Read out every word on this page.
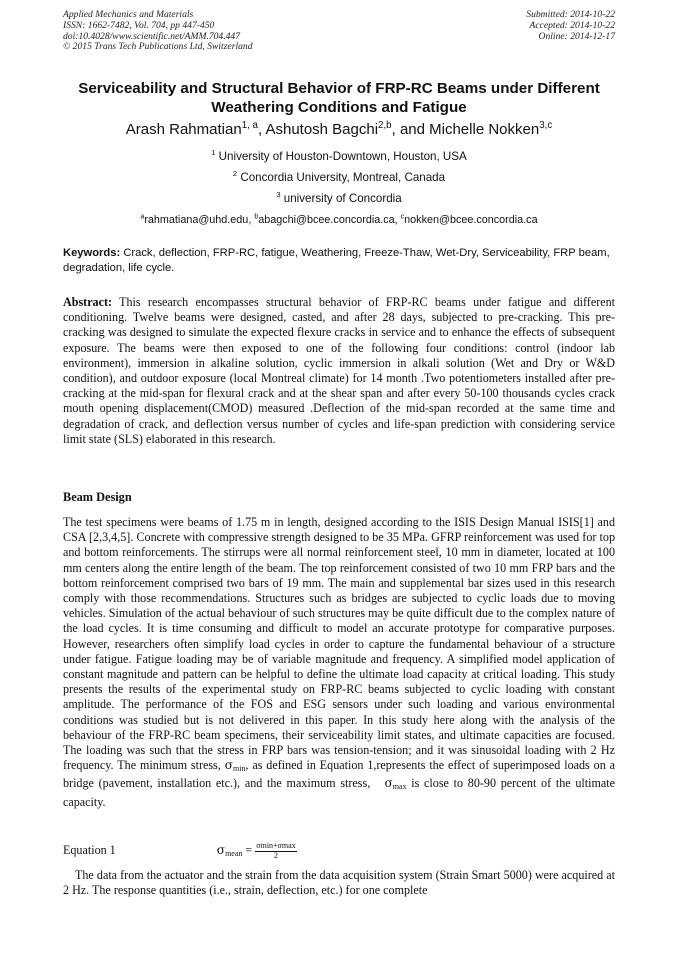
Applied Mechanics and Materials
ISSN: 1662-7482, Vol. 704, pp 447-450
doi:10.4028/www.scientific.net/AMM.704.447
© 2015 Trans Tech Publications Ltd, Switzerland
Submitted: 2014-10-22
Accepted: 2014-10-22
Online: 2014-12-17
Serviceability and Structural Behavior of FRP-RC Beams under Different Weathering Conditions and Fatigue
Arash Rahmatian$^{1, a}$, Ashutosh Bagchi$^{2,b}$, and Michelle Nokken$^{3,c}$
$^1$ University of Houston-Downtown, Houston, USA
$^2$ Concordia University, Montreal, Canada
$^3$ university of Concordia
$^a$rahmatiana@uhd.edu, $^b$abagchi@bcee.concordia.ca, $^c$nokken@bcee.concordia.ca
Keywords: Crack, deflection, FRP-RC, fatigue, Weathering, Freeze-Thaw, Wet-Dry, Serviceability, FRP beam, degradation, life cycle.
Abstract: This research encompasses structural behavior of FRP-RC beams under fatigue and different conditioning. Twelve beams were designed, casted, and after 28 days, subjected to pre-cracking. This pre-cracking was designed to simulate the expected flexure cracks in service and to enhance the effects of subsequent exposure. The beams were then exposed to one of the following four conditions: control (indoor lab environment), immersion in alkaline solution, cyclic immersion in alkali solution (Wet and Dry or W&D condition), and outdoor exposure (local Montreal climate) for 14 month .Two potentiometers installed after pre-cracking at the mid-span for flexural crack and at the shear span and after every 50-100 thousands cycles crack mouth opening displacement(CMOD) measured .Deflection of the mid-span recorded at the same time and degradation of crack, and deflection versus number of cycles and life-span prediction with considering service limit state (SLS) elaborated in this research.
Beam Design
The test specimens were beams of 1.75 m in length, designed according to the ISIS Design Manual ISIS[1] and CSA [2,3,4,5]. Concrete with compressive strength designed to be 35 MPa. GFRP reinforcement was used for top and bottom reinforcements. The stirrups were all normal reinforcement steel, 10 mm in diameter, located at 100 mm centers along the entire length of the beam. The top reinforcement consisted of two 10 mm FRP bars and the bottom reinforcement comprised two bars of 19 mm. The main and supplemental bar sizes used in this research comply with those recommendations. Structures such as bridges are subjected to cyclic loads due to moving vehicles. Simulation of the actual behaviour of such structures may be quite difficult due to the complex nature of the load cycles. It is time consuming and difficult to model an accurate prototype for comparative purposes. However, researchers often simplify load cycles in order to capture the fundamental behaviour of a structure under fatigue. Fatigue loading may be of variable magnitude and frequency. A simplified model application of constant magnitude and pattern can be helpful to define the ultimate load capacity at critical loading. This study presents the results of the experimental study on FRP-RC beams subjected to cyclic loading with constant amplitude. The performance of the FOS and ESG sensors under such loading and various environmental conditions was studied but is not delivered in this paper. In this study here along with the analysis of the behaviour of the FRP-RC beam specimens, their serviceability limit states, and ultimate capacities are focused. The loading was such that the stress in FRP bars was tension-tension; and it was sinusoidal loading with 2 Hz frequency. The minimum stress, $\sigma_{min}$, as defined in Equation 1,represents the effect of superimposed loads on a bridge (pavement, installation etc.), and the maximum stress, $\sigma_{max}$ is close to 80-90 percent of the ultimate capacity.
Equation 1	$\sigma_{mean} = \frac{\sigma\min+\sigma\max}{2}$
The data from the actuator and the strain from the data acquisition system (Strain Smart 5000) were acquired at 2 Hz. The response quantities (i.e., strain, deflection, etc.) for one complete
